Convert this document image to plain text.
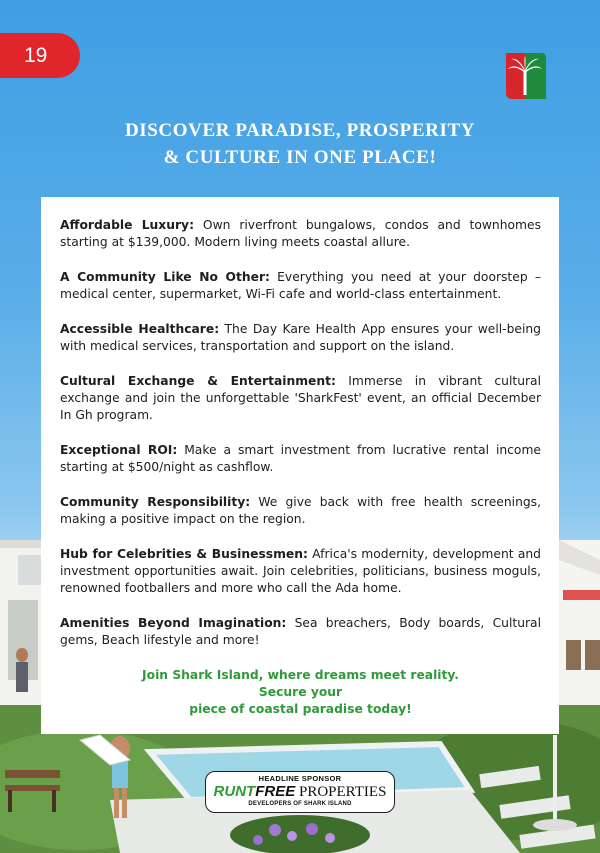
19
DISCOVER PARADISE, PROSPERITY
& CULTURE IN ONE PLACE!

Affordable Luxury: Own riverfront bungalows, condos and townhomes starting at $139,000. Modern living meets coastal allure.

A Community Like No Other: Everything you need at your doorstep – medical center, supermarket, Wi-Fi cafe and world-class entertainment.

Accessible Healthcare: The Day Kare Health App ensures your well-being with medical services, transportation and support on the island.

Cultural Exchange & Entertainment: Immerse in vibrant cultural exchange and join the unforgettable 'SharkFest' event, an official December In Gh program.

Exceptional ROI: Make a smart investment from lucrative rental income starting at $500/night as cashflow.

Community Responsibility: We give back with free health screenings, making a positive impact on the region.

Hub for Celebrities & Businessmen: Africa's modernity, development and investment opportunities await. Join celebrities, politicians, business moguls, renowned footballers and more who call the Ada home.

Amenities Beyond Imagination: Sea breachers, Body boards, Cultural gems, Beach lifestyle and more!

Join Shark Island, where dreams meet reality. Secure your
piece of coastal paradise today!
HEADLINE SPONSOR
RUNTFREE PROPERTIES
DEVELOPERS OF SHARK ISLAND
